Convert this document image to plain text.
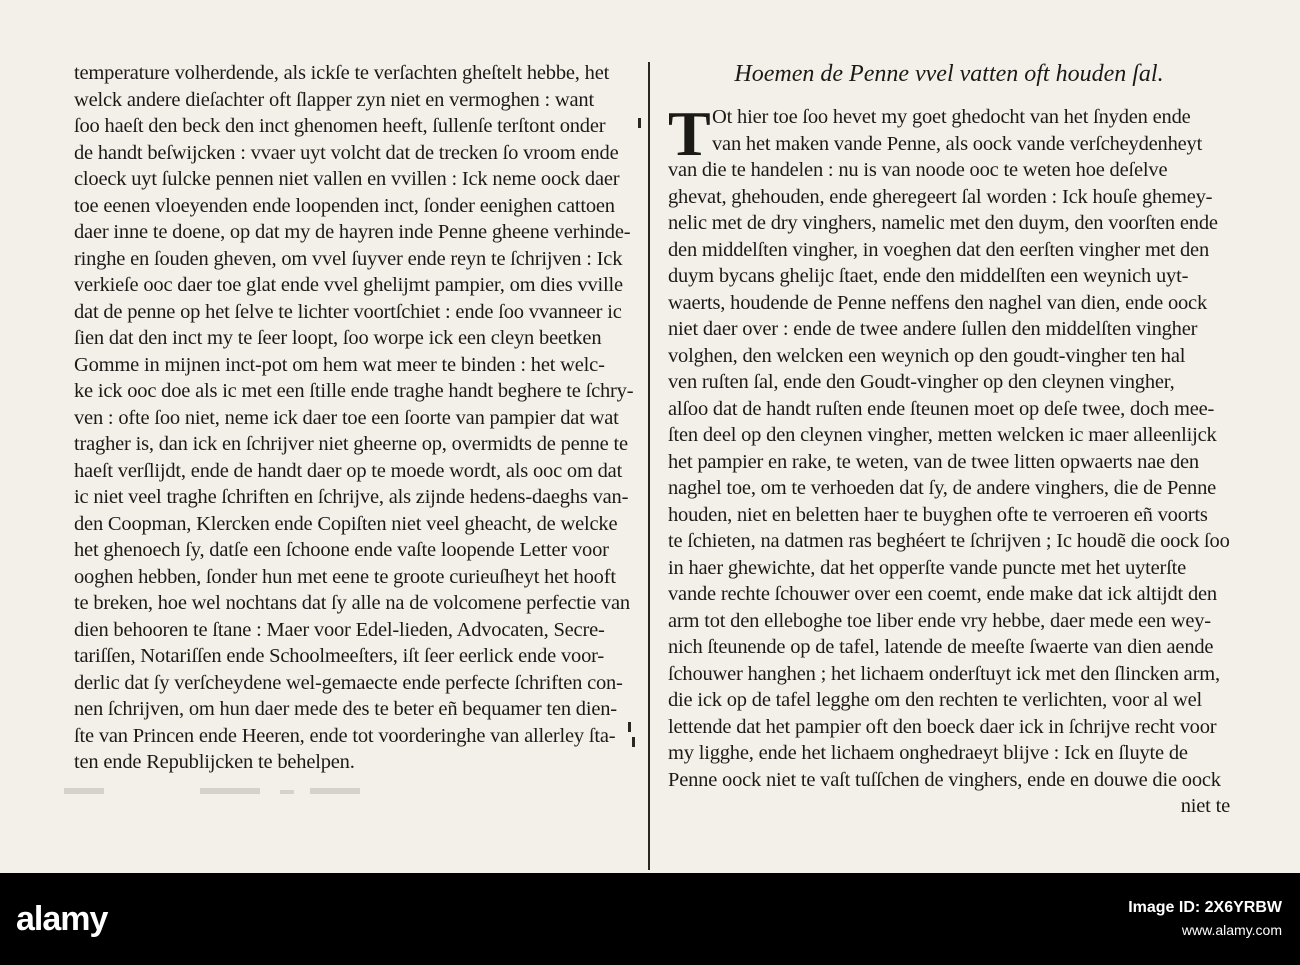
temperature volherdende, als ickſe te verſachten gheſtelt hebbe, het
welck andere dieſachter oft ſlapper zyn niet en vermoghen : want
ſoo haeſt den beck den inct ghenomen heeft, ſullenſe terſtont onder
de handt beſwijcken : vvaer uyt volcht dat de trecken ſo vroom ende
cloeck uyt ſulcke pennen niet vallen en vvillen : Ick neme oock daer
toe eenen vloeyenden ende loopenden inct, ſonder eenighen cattoen
daer inne te doene, op dat my de hayren inde Penne gheene verhinde-
ringhe en ſouden gheven, om vvel ſuyver ende reyn te ſchrijven : Ick
verkieſe ooc daer toe glat ende vvel ghelijmt pampier, om dies vville
dat de penne op het ſelve te lichter voortſchiet : ende ſoo vvanneer ic
ſien dat den inct my te ſeer loopt, ſoo worpe ick een cleyn beetken
Gomme in mijnen inct-pot om hem wat meer te binden : het welc-
ke ick ooc doe als ic met een ſtille ende traghe handt beghere te ſchry-
ven : ofte ſoo niet, neme ick daer toe een ſoorte van pampier dat wat
tragher is, dan ick en ſchrijver niet gheerne op, overmidts de penne te
haeſt verſlijdt, ende de handt daer op te moede wordt, als ooc om dat
ic niet veel traghe ſchriften en ſchrijve, als zijnde hedens-daeghs van-
den Coopman, Klercken ende Copiſten niet veel gheacht, de welcke
het ghenoech ſy, datſe een ſchoone ende vaſte loopende Letter voor
ooghen hebben, ſonder hun met eene te groote curieuſheyt het hooft
te breken, hoe wel nochtans dat ſy alle na de volcomene perfectie van
dien behooren te ſtane : Maer voor Edel-lieden, Advocaten, Secre-
tariſſen, Notariſſen ende Schoolmeeſters, iſt ſeer eerlick ende voor-
derlic dat ſy verſcheydene wel-gemaecte ende perfecte ſchriften con-
nen ſchrijven, om hun daer mede des te beter eñ bequamer ten dien-
ſte van Princen ende Heeren, ende tot voorderinghe van allerley ſta-
ten ende Republijcken te behelpen.
Hoemen de Penne vvel vatten oft houden ſal.
T Ot hier toe ſoo hevet my goet ghedocht van het ſnyden ende
van het maken vande Penne, als oock vande verſcheydenheyt
van die te handelen : nu is van noode ooc te weten hoe deſelve
ghevat, ghehouden, ende gheregeert ſal worden : Ick houſe ghemey-
nelic met de dry vinghers, namelic met den duym, den voorſten ende
den middelſten vingher, in voeghen dat den eerſten vingher met den
duym bycans ghelijc ſtaet, ende den middelſten een weynich uyt-
waerts, houdende de Penne neffens den naghel van dien, ende oock
niet daer over : ende de twee andere ſullen den middelſten vingher
volghen, den welcken een weynich op den goudt-vingher ten hal
ven ruſten ſal, ende den Goudt-vingher op den cleynen vingher,
alſoo dat de handt ruſten ende ſteunen moet op deſe twee, doch mee-
ſten deel op den cleynen vingher, metten welcken ic maer alleenlijck
het pampier en rake, te weten, van de twee litten opwaerts nae den
naghel toe, om te verhoeden dat ſy, de andere vinghers, die de Penne
houden, niet en beletten haer te buyghen ofte te verroeren eñ voorts
te ſchieten, na datmen ras beghéert te ſchrijven ; Ic houdẽ die oock ſoo
in haer ghewichte, dat het opperſte vande puncte met het uyterſte
vande rechte ſchouwer over een coemt, ende make dat ick altijdt den
arm tot den elleboghe toe liber ende vry hebbe, daer mede een wey-
nich ſteunende op de tafel, latende de meeſte ſwaerte van dien aende
ſchouwer hanghen ; het lichaem onderſtuyt ick met den ſlincken arm,
die ick op de tafel legghe om den rechten te verlichten, voor al wel
lettende dat het pampier oft den boeck daer ick in ſchrijve recht voor
my ligghe, ende het lichaem onghedraeyt blijve : Ick en ſluyte de
Penne oock niet te vaſt tuſſchen de vinghers, ende en douwe die oock
niet te
alamy	Image ID: 2X6YRBW
www.alamy.com
